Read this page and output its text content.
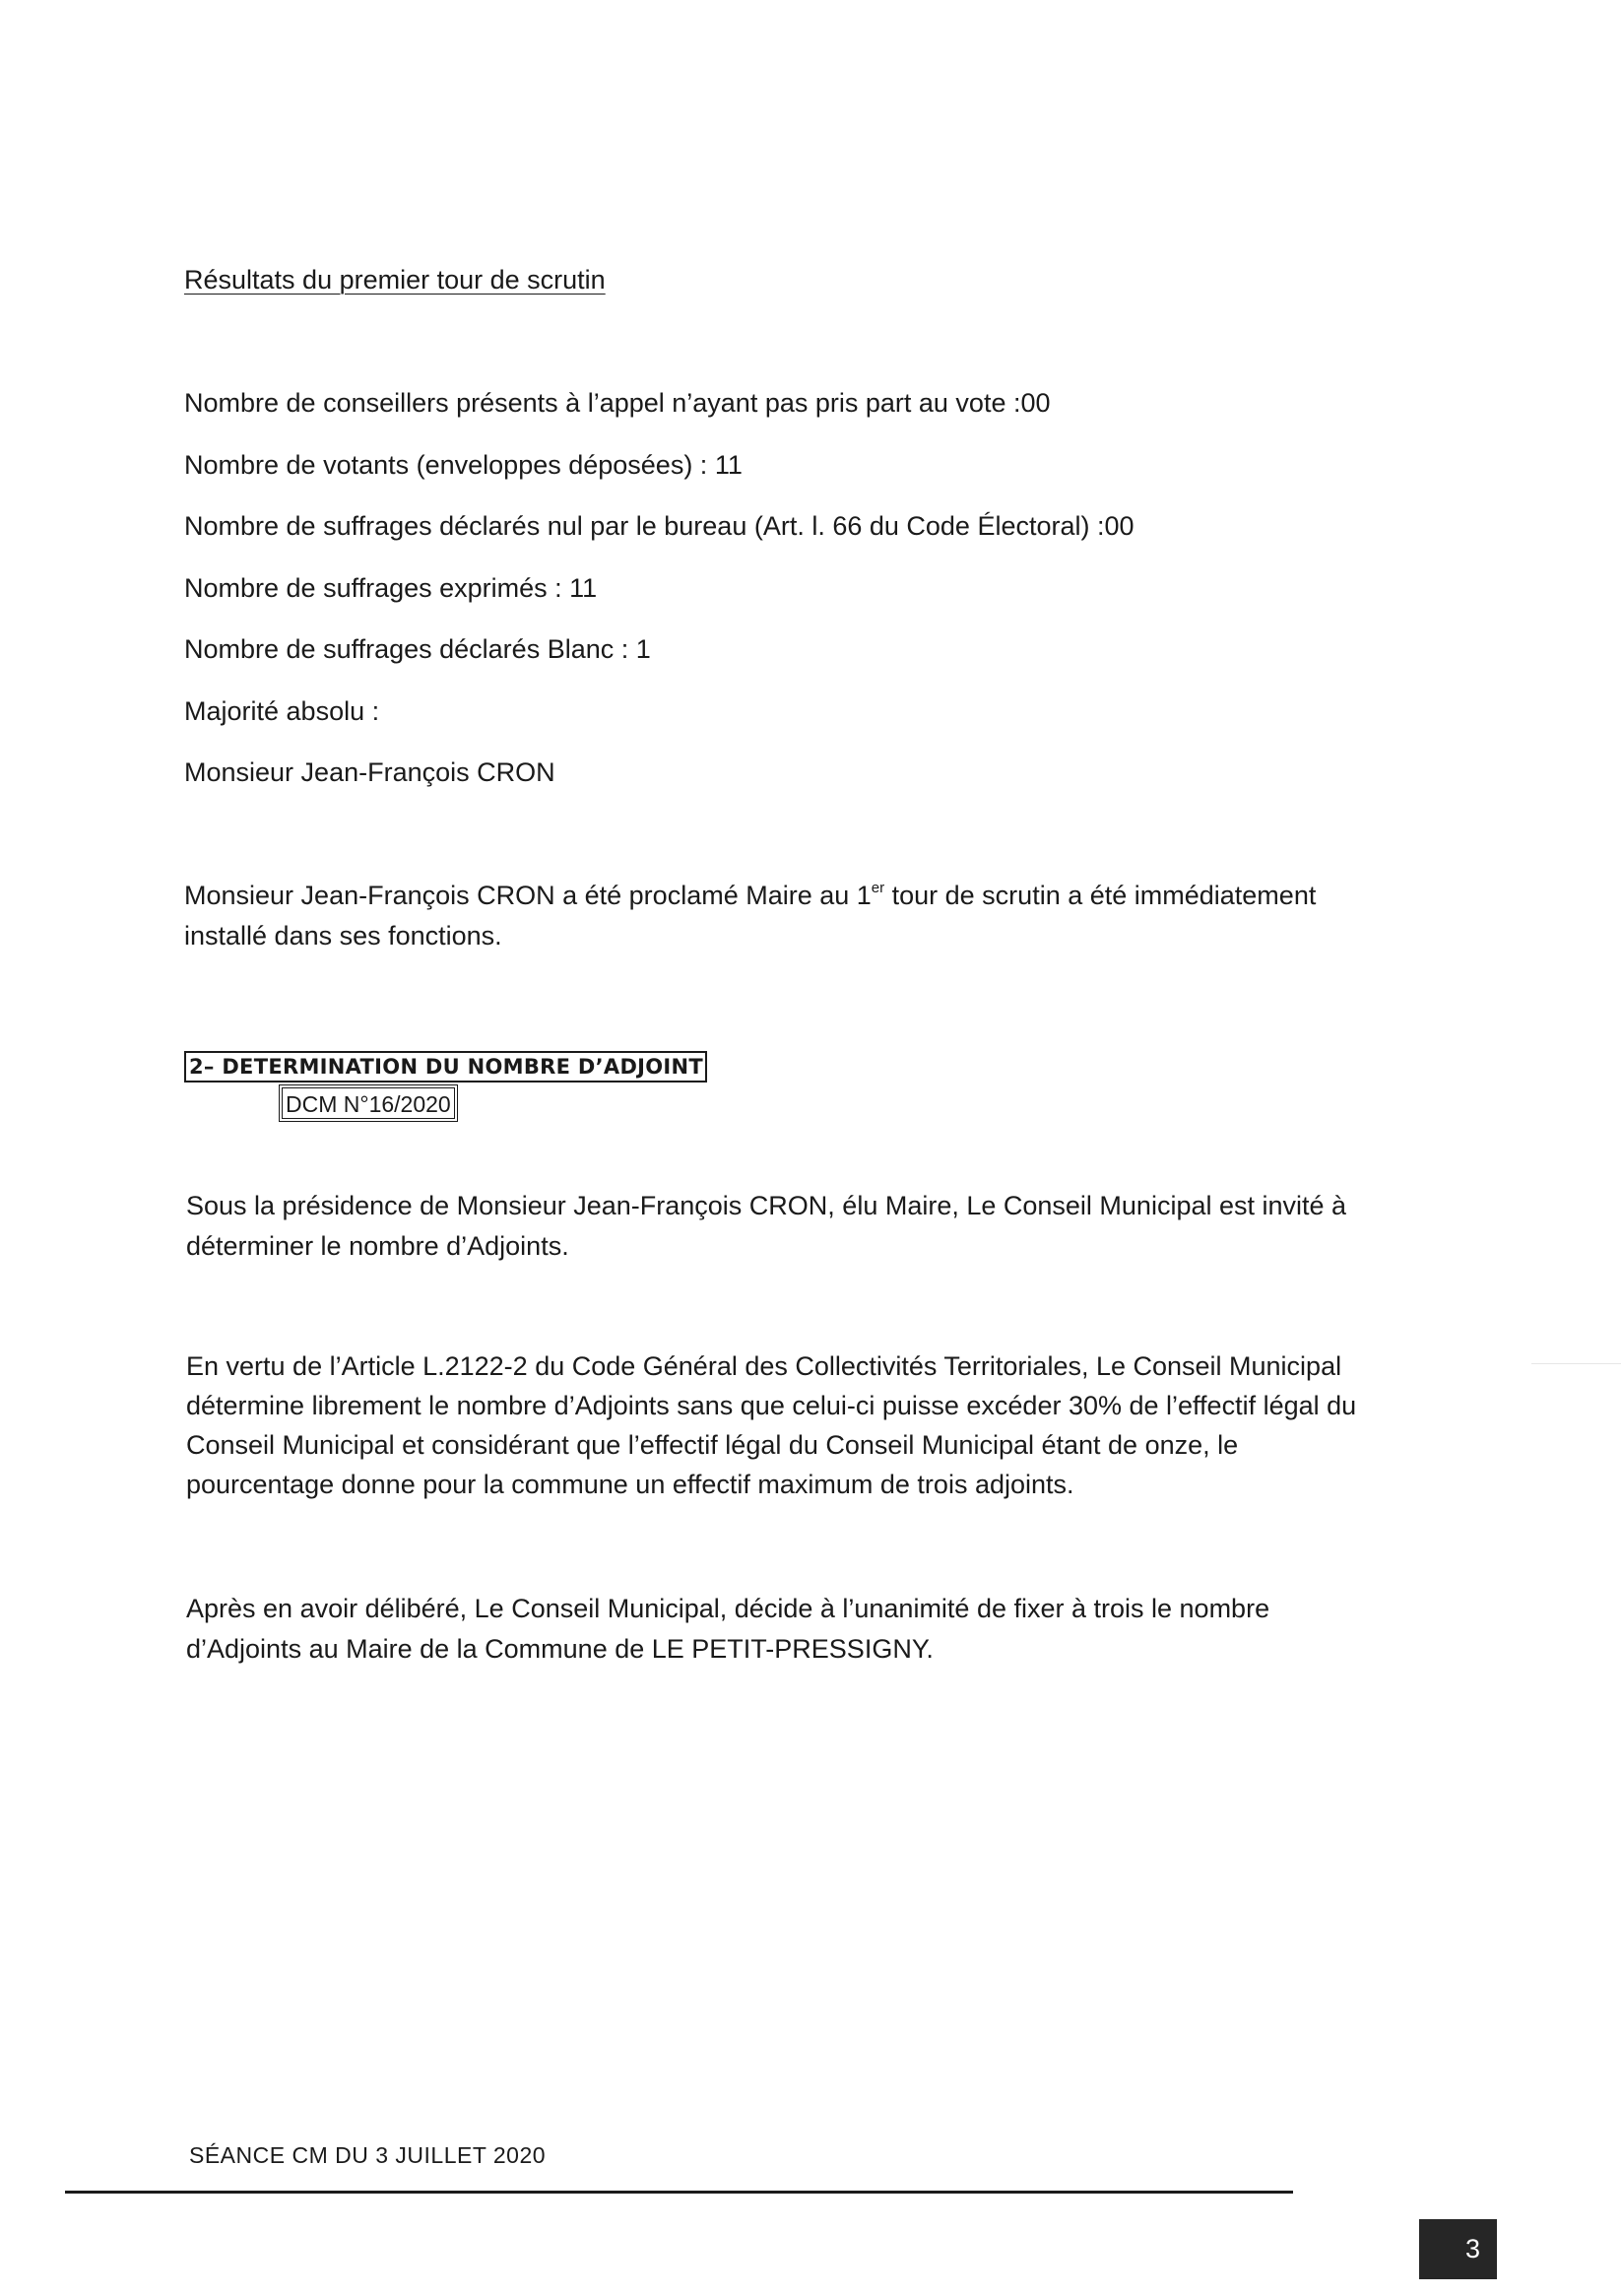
Résultats du premier tour de scrutin
Nombre de conseillers présents à l’appel n’ayant pas pris part au vote :00
Nombre de votants (enveloppes déposées) : 11
Nombre de suffrages déclarés nul par le bureau (Art. l. 66 du Code Électoral) :00
Nombre de suffrages exprimés : 11
Nombre de suffrages déclarés Blanc : 1
Majorité absolu :
Monsieur Jean-François CRON
Monsieur Jean-François CRON a été proclamé Maire au 1er tour de scrutin a été immédiatement
installé dans ses fonctions.
2– DETERMINATION DU NOMBRE D’ADJOINT
DCM N°16/2020
Sous la présidence de Monsieur Jean-François CRON, élu Maire, Le Conseil Municipal est invité à
déterminer le nombre d’Adjoints.
En vertu de l’Article L.2122-2 du Code Général des Collectivités Territoriales, Le Conseil Municipal
détermine librement le nombre d’Adjoints sans que celui-ci puisse excéder 30% de l’effectif légal du
Conseil Municipal et considérant que l’effectif légal du Conseil Municipal étant de onze, le
pourcentage donne pour la commune un effectif maximum de trois adjoints.
Après en avoir délibéré, Le Conseil Municipal, décide à l’unanimité de fixer à trois le nombre
d’Adjoints au Maire de la Commune de LE PETIT-PRESSIGNY.
SÉANCE CM DU 3 JUILLET 2020
3
